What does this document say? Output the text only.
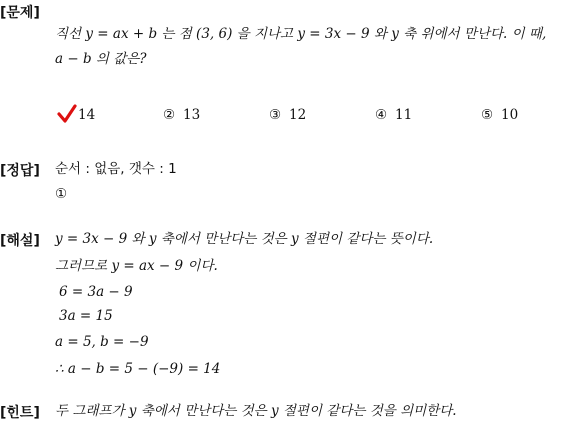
[문제]
직선 y = ax + b 는 점 (3, 6) 을 지나고 y = 3x − 9 와 y 축 위에서 만난다. 이 때,
a − b 의 값은?
14	② 13	③ 12	④ 11	⑤ 10
[정답] 순서 : 없음, 갯수 : 1
①
[해설] y = 3x − 9 와 y 축에서 만난다는 것은 y 절편이 같다는 뜻이다.
그러므로 y = ax − 9 이다.
6 = 3a − 9
3a = 15
a = 5, b = −9
∴ a − b = 5 − (−9) = 14
[힌트] 두 그래프가 y 축에서 만난다는 것은 y 절편이 같다는 것을 의미한다.
